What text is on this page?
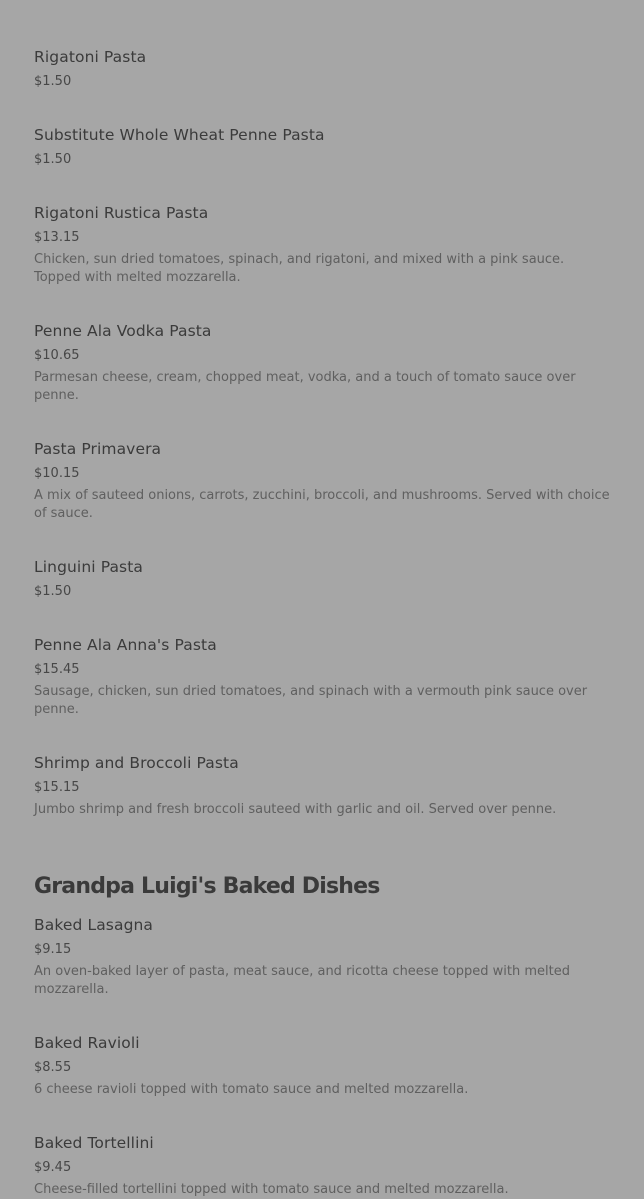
Rigatoni Pasta

$1.50

Substitute Whole Wheat Penne Pasta

$1.50

Rigatoni Rustica Pasta

$13.15

Chicken, sun dried tomatoes, spinach, and rigatoni, and mixed with a pink sauce. Topped with melted mozzarella.

Penne Ala Vodka Pasta

$10.65

Parmesan cheese, cream, chopped meat, vodka, and a touch of tomato sauce over penne.

Pasta Primavera

$10.15

A mix of sauteed onions, carrots, zucchini, broccoli, and mushrooms. Served with choice of sauce.

Linguini Pasta

$1.50

Penne Ala Anna's Pasta

$15.45

Sausage, chicken, sun dried tomatoes, and spinach with a vermouth pink sauce over penne.

Shrimp and Broccoli Pasta

$15.15

Jumbo shrimp and fresh broccoli sauteed with garlic and oil. Served over penne.

Grandpa Luigi's Baked Dishes

Baked Lasagna

$9.15

An oven-baked layer of pasta, meat sauce, and ricotta cheese topped with melted mozzarella.

Baked Ravioli

$8.55

6 cheese ravioli topped with tomato sauce and melted mozzarella.

Baked Tortellini

$9.45

Cheese-filled tortellini topped with tomato sauce and melted mozzarella.
